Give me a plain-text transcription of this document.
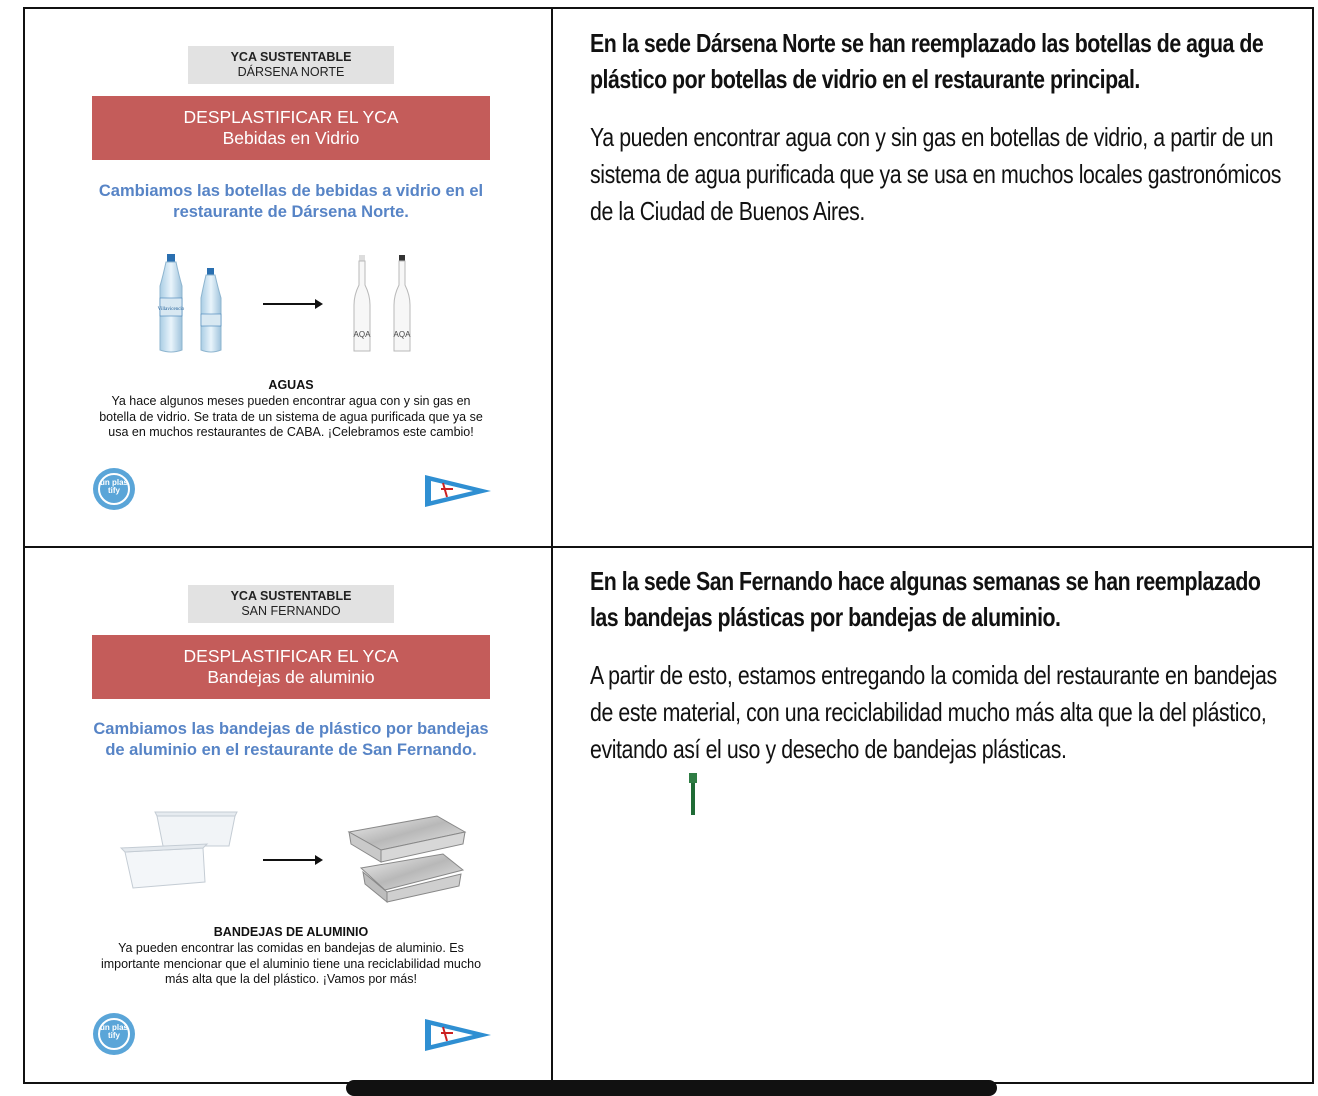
YCA SUSTENTABLE
DÁRSENA NORTE
DESPLASTIFICAR EL YCA
Bebidas en Vidrio
Cambiamos las botellas de bebidas a vidrio en el restaurante de Dársena Norte.
Villavicencio
AQA	AQA
AGUAS
Ya hace algunos meses pueden encontrar agua con y sin gas en botella de vidrio. Se trata de un sistema de agua purificada que ya se usa en muchos restaurantes de CABA. ¡Celebramos este cambio!
un plas tify
En la sede Dársena Norte se han reemplazado las botellas de agua de plástico por botellas de vidrio en el restaurante principal.
Ya pueden encontrar agua con y sin gas en botellas de vidrio, a partir de un sistema de agua purificada que ya se usa en muchos locales gastronómicos de la Ciudad de Buenos Aires.
YCA SUSTENTABLE
SAN FERNANDO
DESPLASTIFICAR EL YCA
Bandejas de aluminio
Cambiamos las bandejas de plástico por bandejas de aluminio en el restaurante de San Fernando.
BANDEJAS DE ALUMINIO
Ya pueden encontrar las comidas en bandejas de aluminio. Es importante mencionar que el aluminio tiene una reciclabilidad mucho más alta que la del plástico. ¡Vamos por más!
un plas tify
En la sede San Fernando hace algunas semanas se han reemplazado las bandejas plásticas por bandejas de aluminio.
A partir de esto, estamos entregando la comida del restaurante en bandejas de este material, con una reciclabilidad mucho más alta que la del plástico, evitando así el uso y desecho de bandejas plásticas.
